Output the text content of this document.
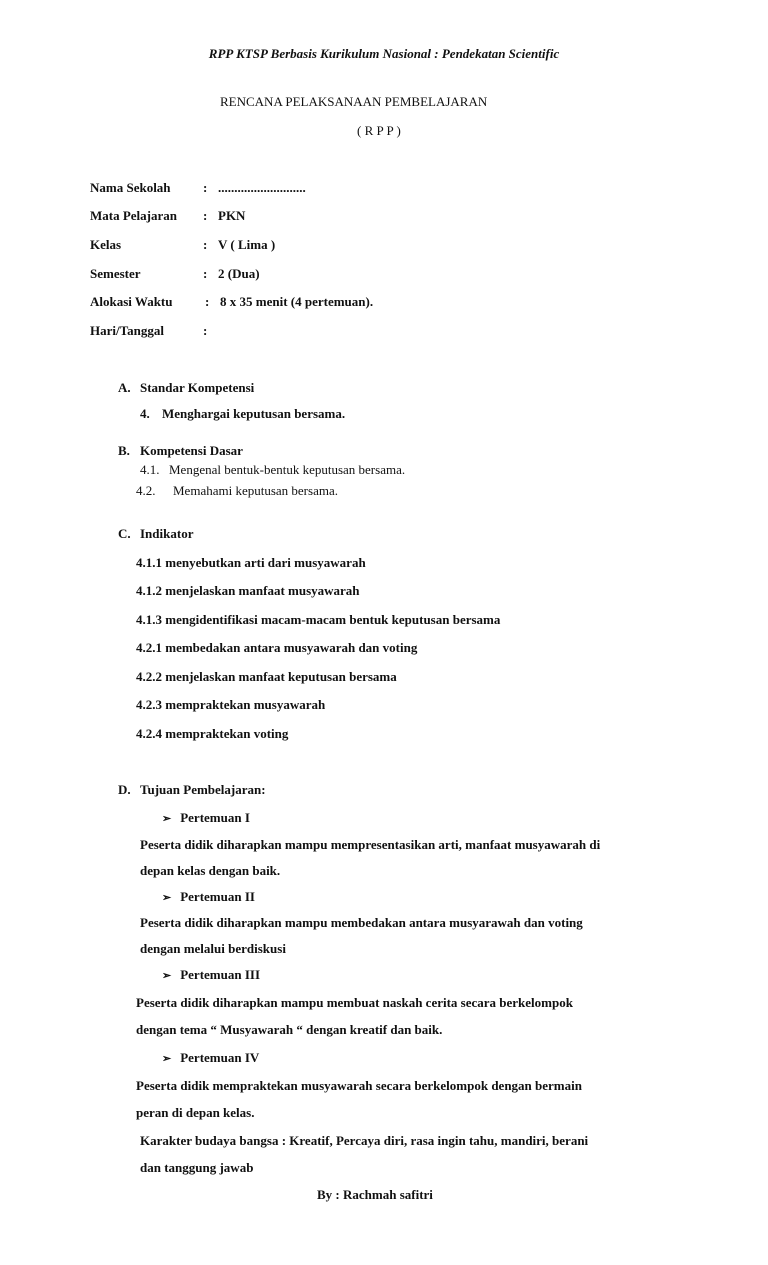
RPP KTSP Berbasis Kurikulum Nasional : Pendekatan Scientific
RENCANA PELAKSANAAN PEMBELAJARAN
( R P P )
Nama Sekolah : ...........................
Mata Pelajaran : PKN
Kelas	: V ( Lima )
Semester	: 2 (Dua)
Alokasi Waktu	: 8 x 35 menit (4 pertemuan).
Hari/Tanggal	:
A. Standar Kompetensi
4. Menghargai keputusan bersama.
B. Kompetensi Dasar
4.1. Mengenal bentuk-bentuk keputusan bersama.
4.2. Memahami keputusan bersama.
C. Indikator
4.1.1 menyebutkan arti dari musyawarah
4.1.2 menjelaskan manfaat musyawarah
4.1.3 mengidentifikasi macam-macam bentuk keputusan bersama
4.2.1 membedakan antara musyawarah dan voting
4.2.2 menjelaskan manfaat keputusan bersama
4.2.3 mempraktekan musyawarah
4.2.4 mempraktekan voting
D. Tujuan Pembelajaran:
➢ Pertemuan I
Peserta didik diharapkan mampu mempresentasikan arti, manfaat musyawarah di
depan kelas dengan baik.
➢ Pertemuan II
Peserta didik diharapkan mampu membedakan antara musyarawah dan voting
dengan melalui berdiskusi
➢ Pertemuan III
Peserta didik diharapkan mampu membuat naskah cerita secara berkelompok
dengan tema “ Musyawarah “ dengan kreatif dan baik.
➢ Pertemuan IV
Peserta didik mempraktekan musyawarah secara berkelompok dengan bermain
peran di depan kelas.
Karakter budaya bangsa : Kreatif, Percaya diri, rasa ingin tahu, mandiri, berani
dan tanggung jawab
By : Rachmah safitri
